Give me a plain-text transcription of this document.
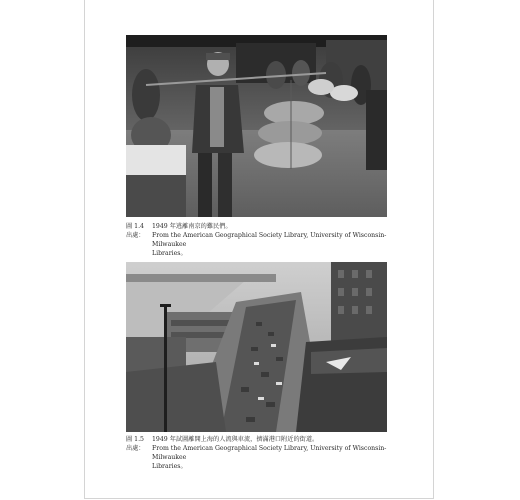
圖 1.4	1949 年逃離南京的難民們。
出處：	From the American Geographical Society Library, University of Wisconsin-Milwaukee
Libraries。
圖 1.5	1949 年試圖離開上海的人流與車流，擠滿港口附近的街道。
出處：	From the American Geographical Society Library, University of Wisconsin-Milwaukee
Libraries。
